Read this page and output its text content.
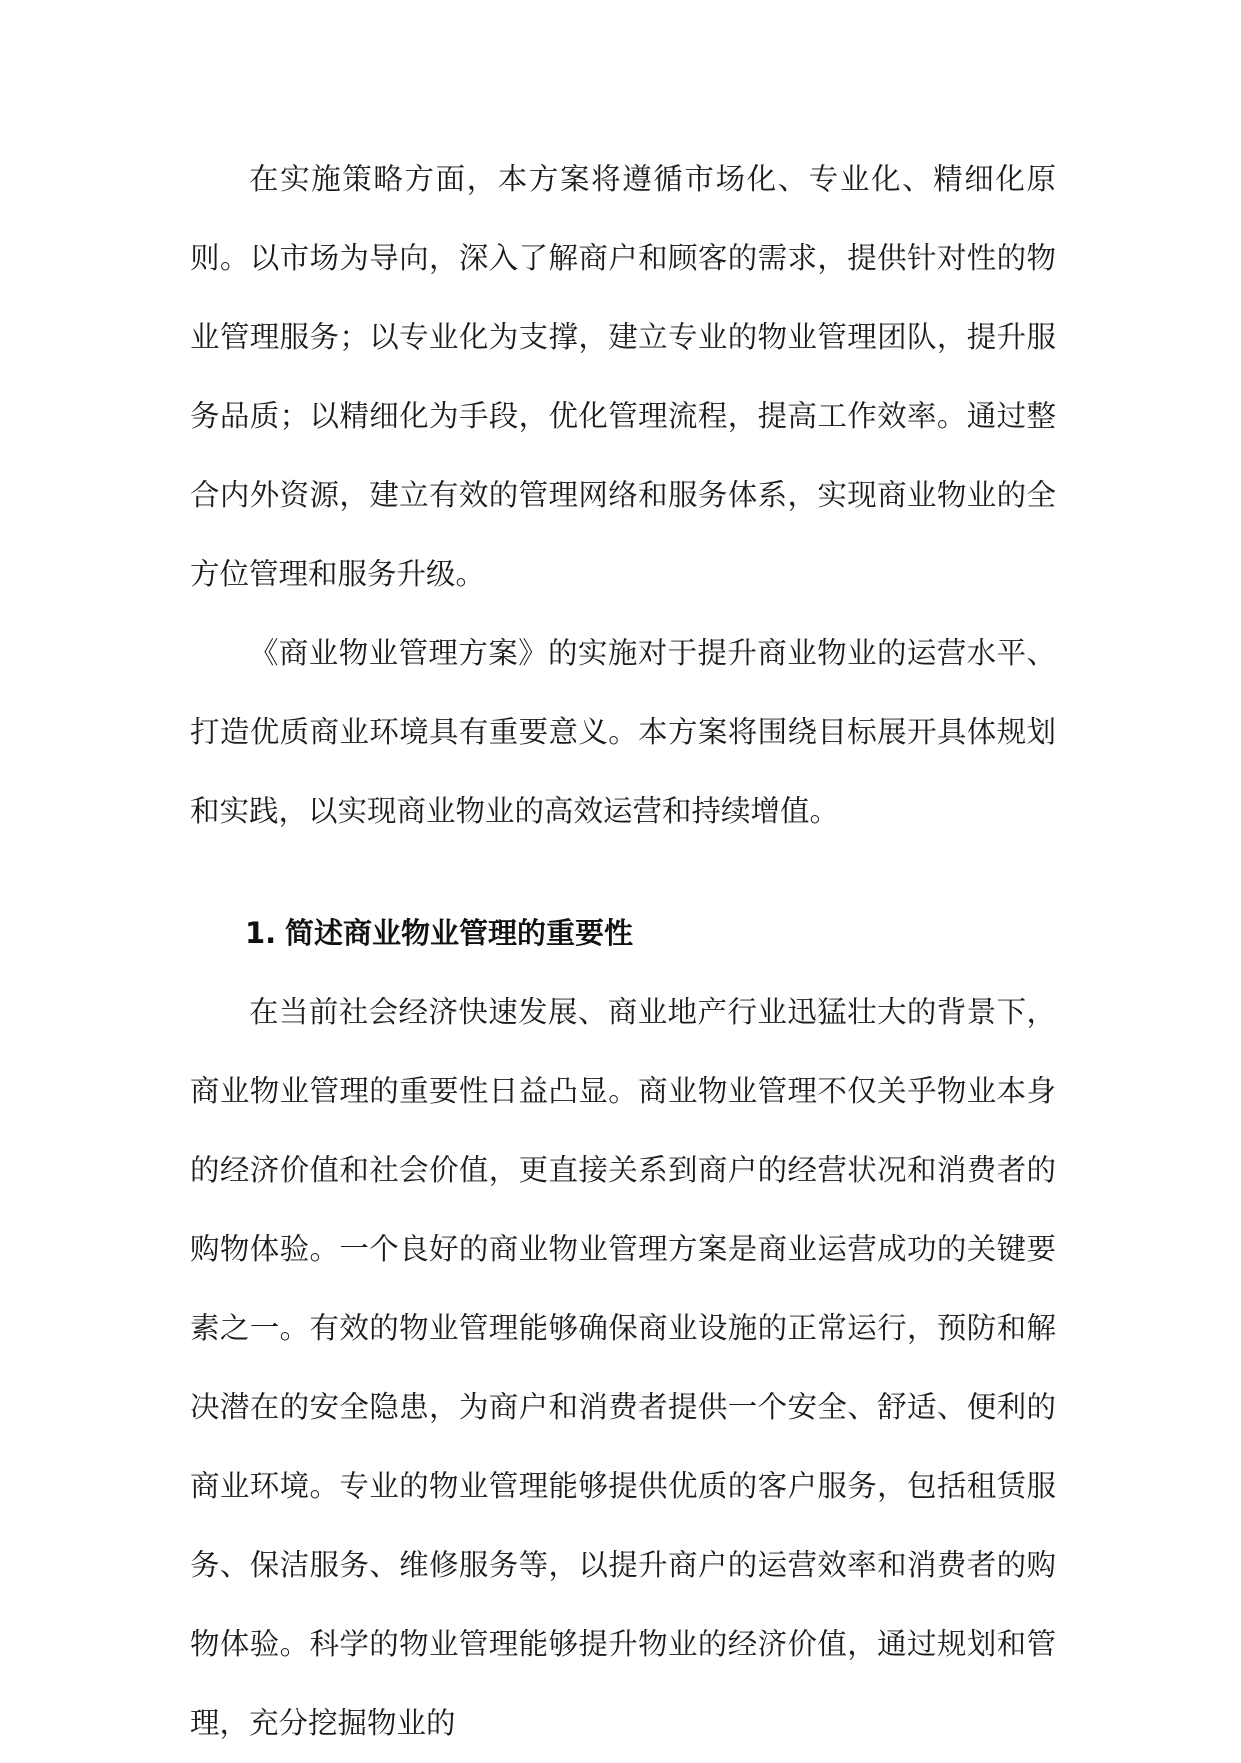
在实施策略方面，本方案将遵循市场化、专业化、精细化原则。以市场为导向，深入了解商户和顾客的需求，提供针对性的物业管理服务；以专业化为支撑，建立专业的物业管理团队，提升服务品质；以精细化为手段，优化管理流程，提高工作效率。通过整合内外资源，建立有效的管理网络和服务体系，实现商业物业的全方位管理和服务升级。

《商业物业管理方案》的实施对于提升商业物业的运营水平、打造优质商业环境具有重要意义。本方案将围绕目标展开具体规划和实践，以实现商业物业的高效运营和持续增值。

1. 简述商业物业管理的重要性

在当前社会经济快速发展、商业地产行业迅猛壮大的背景下，商业物业管理的重要性日益凸显。商业物业管理不仅关乎物业本身的经济价值和社会价值，更直接关系到商户的经营状况和消费者的购物体验。一个良好的商业物业管理方案是商业运营成功的关键要素之一。有效的物业管理能够确保商业设施的正常运行，预防和解决潜在的安全隐患，为商户和消费者提供一个安全、舒适、便利的商业环境。专业的物业管理能够提供优质的客户服务，包括租赁服务、保洁服务、维修服务等，以提升商户的运营效率和消费者的购物体验。科学的物业管理能够提升物业的经济价值，通过规划和管理，充分挖掘物业的
